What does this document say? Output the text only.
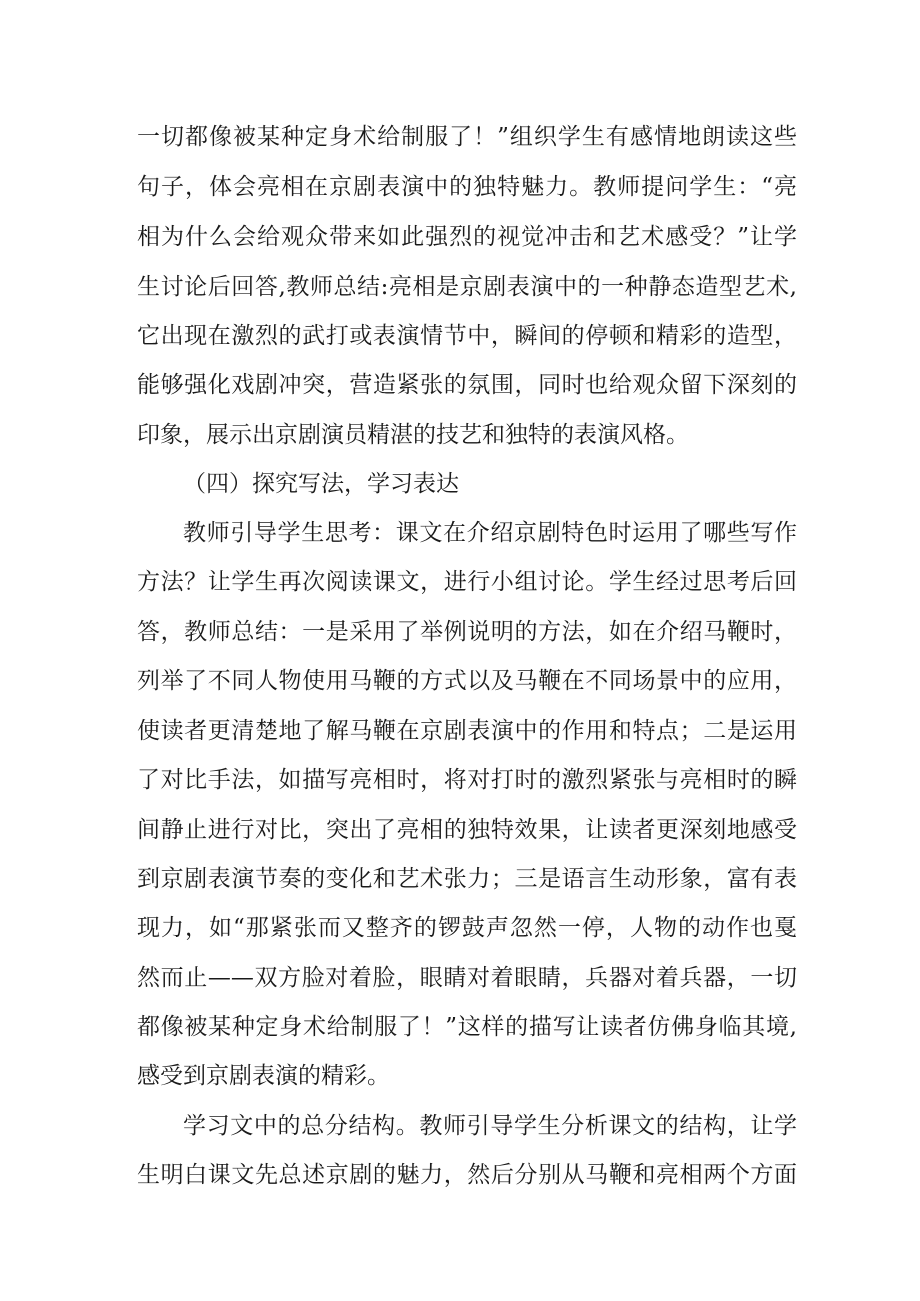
一切都像被某种定身术给制服了！”组织学生有感情地朗读这些
句子，体会亮相在京剧表演中的独特魅力。教师提问学生：“亮
相为什么会给观众带来如此强烈的视觉冲击和艺术感受？”让学
生讨论后回答,教师总结:亮相是京剧表演中的一种静态造型艺术,
它出现在激烈的武打或表演情节中，瞬间的停顿和精彩的造型，
能够强化戏剧冲突，营造紧张的氛围，同时也给观众留下深刻的
印象，展示出京剧演员精湛的技艺和独特的表演风格。
（四）探究写法，学习表达
教师引导学生思考：课文在介绍京剧特色时运用了哪些写作
方法？让学生再次阅读课文，进行小组讨论。学生经过思考后回
答，教师总结：一是采用了举例说明的方法，如在介绍马鞭时，
列举了不同人物使用马鞭的方式以及马鞭在不同场景中的应用，
使读者更清楚地了解马鞭在京剧表演中的作用和特点；二是运用
了对比手法，如描写亮相时，将对打时的激烈紧张与亮相时的瞬
间静止进行对比，突出了亮相的独特效果，让读者更深刻地感受
到京剧表演节奏的变化和艺术张力；三是语言生动形象，富有表
现力，如“那紧张而又整齐的锣鼓声忽然一停，人物的动作也戛
然而止——双方脸对着脸，眼睛对着眼睛，兵器对着兵器，一切
都像被某种定身术给制服了！”这样的描写让读者仿佛身临其境,
感受到京剧表演的精彩。
学习文中的总分结构。教师引导学生分析课文的结构，让学
生明白课文先总述京剧的魅力，然后分别从马鞭和亮相两个方面
